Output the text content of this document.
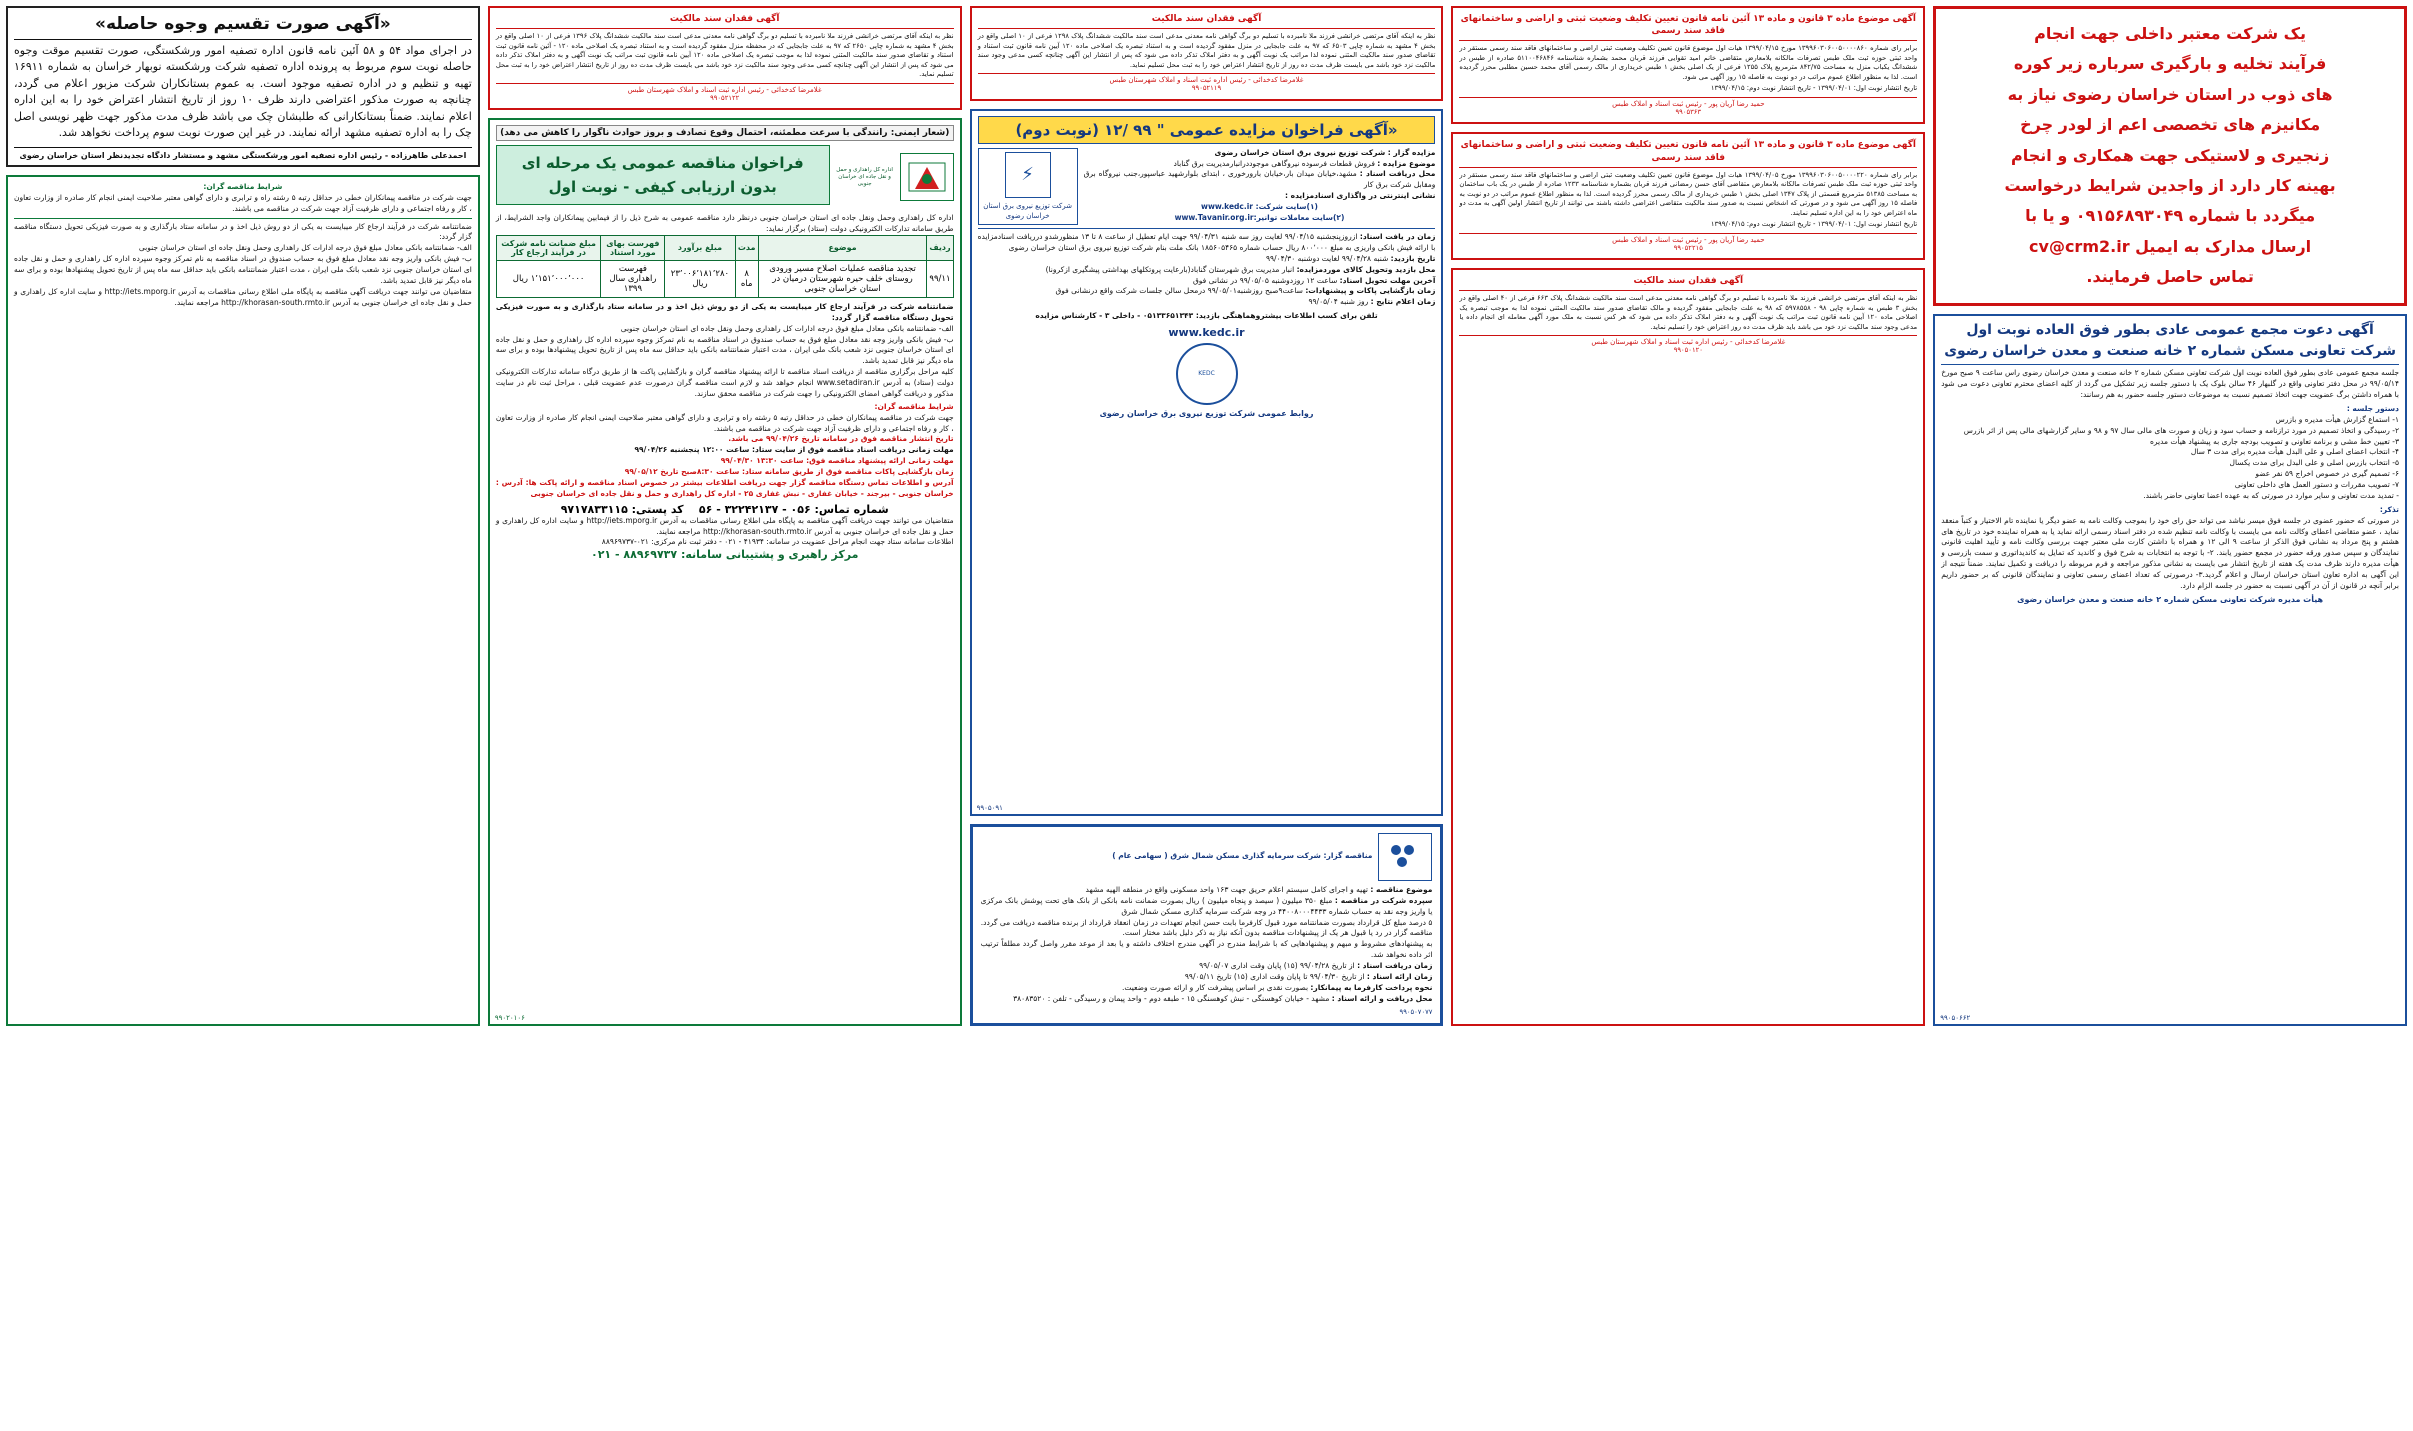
یک شرکت معتبر داخلی جهت انجام
فرآیند تخلیه و بارگیری سرباره زیر کوره
های ذوب در استان خراسان رضوی نیاز به
مکانیزم های تخصصی اعم از لودر چرخ
زنجیری و لاستیکی جهت همکاری و انجام
بهینه کار دارد از واجدین شرایط درخواست
میگردد با شماره ۰۹۱۵۶۸۹۳۰۴۹ و یا با
ارسال مدارک به ایمیل cv@crm2.ir
تماس حاصل فرمایند.
آگهی دعوت مجمع عمومی عادی بطور فوق العاده نوبت اول
شرکت تعاونی مسکن شماره ۲ خانه صنعت و معدن خراسان رضوی
جلسه مجمع عمومی عادی بطور فوق العاده نوبت اول شرکت تعاونی مسکن شماره ۲ خانه صنعت و معدن خراسان رضوی راس ساعت ۹ صبح مورخ ۹۹/۰۵/۱۴ در محل دفتر تعاونی واقع در گلبهار ۴۶ سالن بلوک یک با دستور جلسه زیر تشکیل می گردد از کلیه اعضای محترم تعاونی دعوت می شود با همراه داشتن برگ عضویت جهت اتخاذ تصمیم نسبت به موضوعات دستور جلسه حضور به هم رسانند:
دستور جلسه :
۱- استماع گزارش هیأت مدیره و بازرس
۲- رسیدگی و اتخاذ تصمیم در مورد ترازنامه و حساب سود و زیان و صورت های مالی سال ۹۷ و ۹۸ و سایر گزارشهای مالی پس از اثر بازرس
۳- تعیین خط مشی و برنامه تعاونی و تصویب بودجه جاری به پیشنهاد هیأت مدیره
۴- انتخاب اعضای اصلی و علی البدل هیأت مدیره برای مدت ۳ سال
۵- انتخاب بازرس اصلی و علی البدل برای مدت یکسال
۶- تصمیم گیری در خصوص اخراج ۵۹ نفر عضو
۷- تصویب مقررات و دستور العمل های داخلی تعاونی
- تمدید مدت تعاونی و سایر موارد در صورتی که به عهده اعضا تعاونی حاضر باشند.
تذکر:
در صورتی که حضور عضوی در جلسه فوق میسر نباشد می تواند حق رای خود را بموجب وکالت نامه به عضو دیگر یا نماینده تام الاختیار و کتباً منعقد نماید ، عضو متقاضی اعطای وکالت نامه می بایست با وکالت نامه تنظیم شده در دفتر اسناد رسمی ارائه نماید یا به همراه نماینده خود در تاریخ های هشتم و پنج مرداد به نشانی فوق الذکر از ساعت ۹ الی ۱۲ و همراه با داشتن کارت ملی معتبر جهت بررسی وکالت نامه و تأیید اهلیت قانونی نمایندگان و سپس صدور ورقه حضور در مجمع حضور یابند. ۲- با توجه به انتخابات به شرح فوق و کاندید که تمایل به کاندیداتوری و سمت بازرسی و هیأت مدیره دارند ظرف مدت یک هفته از تاریخ انتشار می بایست به نشانی مذکور مراجعه و فرم مربوطه را دریافت و تکمیل نمایند. ضمناً نتیجه از این آگهی به اداره تعاون استان خراسان ارسال و اعلام گردید.۳- درصورتی که تعداد اعضای رسمی تعاونی و نمایندگان قانونی که بر حضور داریم برابر آنچه در قانون از آن در آگهی نسبت به حضور در جلسه الزام دارد.
هیأت مدیره شرکت تعاونی مسکن شماره ۲ خانه صنعت و معدن خراسان رضوی
۹۹۰۵۰۶۶۲
آگهی موضوع ماده ۳ قانون و ماده ۱۳ آئین نامه قانون تعیین تکلیف وضعیت ثبتی و اراضی و ساختمانهای فاقد سند رسمی
برابر رای شماره ۱۳۹۹۶۰۳۰۶۰۰۵۰۰۰۰۸۶۰ مورخ ۱۳۹۹/۰۴/۱۵ هیات اول موضوع قانون تعیین تکلیف وضعیت ثبتی اراضی و ساختمانهای فاقد سند رسمی مستقر در واحد ثبتی حوزه ثبت ملک طبس تصرفات مالکانه بلامعارض متقاضی خانم امید تقوایی فرزند قربان محمد بشماره شناسنامه ۵۱۱۰۰۴۶۸۴۶ صادره از طبس در ششدانگ یکباب منزل به مساحت ۸۴۲/۷۵ مترمربع پلاک ۱۲۵۵ فرعی از یک اصلی بخش ۱ طبس خریداری از مالک رسمی آقای محمد حسین مطلبی محرز گردیده است. لذا به منظور اطلاع عموم مراتب در دو نوبت به فاصله ۱۵ روز آگهی می شود.
تاریخ انتشار نوبت اول: ۱۳۹۹/۰۴/۰۱ - تاریخ انتشار نوبت دوم: ۱۳۹۹/۰۴/۱۵
حمید رضا آریان پور - رئیس ثبت اسناد و املاک طبس
۹۹۰۵۳۶۳
آگهی موضوع ماده ۳ قانون و ماده ۱۳ آئین نامه قانون تعیین تکلیف وضعیت ثبتی و اراضی و ساختمانهای فاقد سند رسمی
برابر رای شماره ۱۳۹۹۶۰۳۰۶۰۰۵۰۰۰۰۲۲۰ مورخ ۱۳۹۹/۰۴/۰۵ هیات اول موضوع قانون تعیین تکلیف وضعیت ثبتی اراضی و ساختمانهای فاقد سند رسمی مستقر در واحد ثبتی حوزه ثبت ملک طبس تصرفات مالکانه بلامعارض متقاضی آقای حسن رمضانی فرزند قربان بشماره شناسنامه ۱۲۳۳ صادره از طبس در یک باب ساختمان به مساحت ۵۱۳۸۵ مترمربع قسمتی از پلاک ۱۳۴۷ اصلی بخش ۱ طبس خریداری از مالک رسمی محرز گردیده است. لذا به منظور اطلاع عموم مراتب در دو نوبت به فاصله ۱۵ روز آگهی می شود و در صورتی که اشخاص نسبت به صدور سند مالکیت متقاضی اعتراضی داشته باشند می توانند از تاریخ انتشار اولین آگهی به مدت دو ماه اعتراض خود را به این اداره تسلیم نمایند.
تاریخ انتشار نوبت اول: ۱۳۹۹/۰۴/۰۱ - تاریخ انتشار نوبت دوم: ۱۳۹۹/۰۴/۱۵
حمید رضا آریان پور - رئیس ثبت اسناد و املاک طبس
۹۹۰۵۲۲۱۵
آگهی فقدان سند مالکیت
نظر به اینکه آقای مرتضی خرانشی فرزند ملا نامبرده با تسلیم دو برگ گواهی نامه معدنی مدعی است سند مالکیت ششدانگ پلاک ۶۶۳ فرعی از ۴۰ اصلی واقع در بخش ۳ طبس به شماره چاپی ۹۸ - ۵۹۷۸۵۵۸ که ۹۸ به علت جابجایی مفقود گردیده و مالک تقاضای صدور سند مالکیت المثنی نموده لذا به موجب تبصره یک اصلاحی ماده ۱۲۰ آیین نامه قانون ثبت مراتب یک نوبت آگهی و به دفتر املاک تذکر داده می شود که هر کس نسبت به ملک مورد آگهی معامله ای انجام داده یا مدعی وجود سند مالکیت نزد خود می باشد باید ظرف مدت ده روز اعتراض خود را تسلیم نماید.
غلامرضا کدخدائی - رئیس اداره ثبت اسناد و املاک شهرستان طبس
۹۹۰۵۰۱۲۰
آگهی فقدان سند مالکیت
نظر به اینکه آقای مرتضی خرانشی فرزند ملا نامبرده با تسلیم دو برگ گواهی نامه معدنی مدعی است سند مالکیت ششدانگ پلاک ۱۲۹۸ فرعی از ۱۰ اصلی واقع در بخش ۴ مشهد به شماره چاپی ۶۵۰۳ که ۹۷ به علت جابجایی در منزل مفقود گردیده است و به استناد تبصره یک اصلاحی ماده ۱۲۰ آیین نامه قانون ثبت استناد و تقاضای صدور سند مالکیت المثنی نموده لذا مراتب یک نوبت آگهی و به دفتر املاک تذکر داده می شود که پس از انتشار این آگهی چنانچه کسی مدعی وجود سند مالکیت نزد خود باشد می بایست ظرف مدت ده روز از تاریخ انتشار اعتراض خود را به ثبت محل تسلیم نماید.
غلامرضا کدخدائی - رئیس اداره ثبت اسناد و املاک شهرستان طبس
۹۹۰۵۲۱۱۹
«آگهی فراخوان مزایده عمومی " ۹۹ /۱۲ (نوبت دوم)
مزایده گزار : شرکت توزیع نیروی برق استان خراسان رضوی
موضوع مزایده : فروش قطعات فرسوده نیروگاهی موجوددرانبارمدیریت برق گناباد
محل دریافت اسناد : مشهد،خیابان میدان بار،خیابان بارورخوری ، ابتدای بلوارشهید عباسپور،جنب نیروگاه برق ومقابل شرکت برق کار
نشانی اینترنتی در واگذاری اسنادمزایده :
(۱)سایت شرکت: www.kedc.ir
(۲)سایت معاملات توانیر:www.Tavanir.org.ir
⚡
شرکت توزیع نیروی برق استان خراسان رضوی
زمان در یافت اسناد: ازروزپنجشنبه ۹۹/۰۴/۱۵ لغایت روز سه شنبه ۹۹/۰۴/۳۱ جهت ایام تعطیل از ساعت ۸ تا ۱۳ منظورشدو درریافت اسنادمزایده با ارائه فیش بانکی واریزی به مبلغ ۸۰۰٬۰۰۰ ریال حساب شماره ۱۸۵۶۰۵۴۶۵ بانک ملت بنام شرکت توزیع نیروی برق استان خراسان رضوی
تاریخ بازدید: شنبه ۹۹/۰۴/۲۸ لغایت دوشنبه ۹۹/۰۴/۳۰
محل بازدید وتحویل کالای موردمزایده: انبار مدیریت برق شهرستان گناباد(بارعایت پروتکلهای بهداشتی پیشگیری ازکرونا)
آخرین مهلت تحویل اسناد: ساعت ۱۲ روزدوشنبه ۹۹/۰۵/۰۵ در نشانی فوق
زمان بازگشایی پاکات و پیشنهادات: ساعت۹صبح روزشنبه۹۹/۰۵/۰۱ درمحل سالن جلسات شرکت واقع درنشانی فوق
زمان اعلام نتایج : روز شنبه ۹۹/۰۵/۰۴
تلفن برای کسب اطلاعات بیشتروهماهنگی بازدید: ۰۵۱۳۳۶۵۱۳۴۳ - داخلی ۳ - کارشناس مزایده
www.kedc.ir
KEDC
روابط عمومی شرکت توزیع نیروی برق خراسان رضوی
۹۹۰۵۰۹۱
مناقصه گزار: شرکت سرمایه گذاری مسکن شمال شرق ( سهامی عام )
موضوع مناقصه : تهیه و اجرای کامل سیستم اعلام حریق جهت ۱۶۳ واحد مسکونی واقع در منطقه الهیه مشهد
سپرده شرکت در مناقصه : مبلغ ۳۵۰ میلیون ( سیصد و پنجاه میلیون ) ریال بصورت ضمانت نامه بانکی از بانک های تحت پوشش بانک مرکزی یا واریز وجه نقد به حساب شماره ۴۴۰۰۸۰۰۰۴۴۳۳ در وجه شرکت سرمایه گذاری مسکن شمال شرق
۵ درصد مبلغ کل قرارداد بصورت ضمانتنامه مورد قبول کارفرما بابت حسن انجام تعهدات در زمان انعقاد قرارداد از برنده مناقصه دریافت می گردد.
مناقصه گزار در رد یا قبول هر یک از پیشنهادات مناقصه بدون آنکه نیاز به ذکر دلیل باشد مختار است.
به پیشنهادهای مشروط و مبهم و پیشنهادهایی که با شرایط مندرج در آگهی مندرج اختلاف داشته و یا بعد از موعد مقرر واصل گردد مطلقاً ترتیب اثر داده نخواهد شد.
زمان دریافت اسناد : از تاریخ ۹۹/۰۴/۲۸ (۱۵) پایان وقت اداری ۹۹/۰۵/۰۷
زمان ارائه اسناد : از تاریخ ۹۹/۰۴/۳۰ تا پایان وقت اداری (۱۵) تاریخ ۹۹/۰۵/۱۱
نحوه پرداخت کارفرما به پیمانکار: بصورت نقدی بر اساس پیشرفت کار و ارائه صورت وضعیت.
محل دریافت و ارائه اسناد : مشهد - خیابان کوهسنگی - نبش کوهسنگی ۱۵ - طبقه دوم - واحد پیمان و رسیدگی - تلفن : ۳۸۰۸۳۵۲۰
۹۹۰۵۰۷۰۷۷
آگهی فقدان سند مالکیت
نظر به اینکه آقای مرتضی خرانشی فرزند ملا نامبرده با تسلیم دو برگ گواهی نامه معدنی مدعی است سند مالکیت ششدانگ پلاک ۱۳۹۶ فرعی از ۱۰ اصلی واقع در بخش ۴ مشهد به شماره چاپی ۲۶۵۰ که ۹۷ به علت جابجایی که در محفظه منزل مفقود گردیده است و به استناد تبصره یک اصلاحی ماده ۱۲۰ - آئین نامه قانون ثبت استناد و تقاضای صدور سند مالکیت المثنی نموده لذا به موجب تبصره یک اصلاحی ماده ۱۲۰ آیین نامه قانون ثبت مراتب یک نوبت آگهی و به دفتر املاک تذکر داده می شود که پس از انتشار این آگهی چنانچه کسی مدعی وجود سند مالکیت نزد خود باشد می بایست ظرف مدت ده روز از تاریخ انتشار اعتراض خود را به ثبت محل تسلیم نماید.
غلامرضا کدخدائی - رئیس اداره ثبت اسناد و املاک شهرستان طبس
۹۹۰۵۲۱۲۲
(شعار ایمنی: رانندگی با سرعت مطمئنه، احتمال وقوع تصادف و بروز حوادث ناگوار را کاهش می دهد)
اداره کل راهداری و حمل و نقل جاده ای خراسان جنوبی
فراخوان مناقصه عمومی یک مرحله ای
بدون ارزیابی کیفی - نوبت اول
اداره کل راهداری وحمل ونقل جاده ای استان خراسان جنوبی درنظر دارد مناقصه عمومی به شرح ذیل را از فیمابین پیمانکاران واجد الشرایط، از طریق سامانه تدارکات الکترونیکی دولت (ستاد) برگزار نماید:
ردیف	موضوع	مدت	مبلغ برآورد	فهرست بهای مورد استناد	مبلغ ضمانت نامه شرکت در فرآیند ارجاع کار
۹۹/۱۱	تجدید مناقصه عملیات اصلاح مسیر ورودی روستای خلف حیره شهرستان درمیان در استان خراسان جنوبی	۸ ماه	۲۳٬۰۰۶٬۱۸۱٬۲۸۰ ریال	فهرست راهداری سال ۱۳۹۹	۱٬۱۵۱٬۰۰۰٬۰۰۰ ریال
ضمانتنامه شرکت در فرآیند ارجاع کار میبایست به یکی از دو روش ذیل اخذ و در سامانه ستاد بارگذاری و به صورت فیزیکی تحویل دستگاه مناقصه گزار گردد:
الف- ضمانتنامه بانکی معادل مبلغ فوق درجه ادارات کل راهداری وحمل ونقل جاده ای استان خراسان جنوبی
ب- فیش بانکی واریز وجه نقد معادل مبلغ فوق به حساب صندوق در اسناد مناقصه به نام تمرکز وجوه سپرده اداره کل راهداری و حمل و نقل جاده ای استان خراسان جنوبی نزد شعب بانک ملی ایران ، مدت اعتبار ضمانتنامه بانکی باید حداقل سه ماه پس از تاریخ تحویل پیشنهادها بوده و برای سه ماه دیگر نیز قابل تمدید باشد.
کلیه مراحل برگزاری مناقصه از دریافت اسناد مناقصه تا ارائه پیشنهاد مناقصه گران و بازگشایی پاکت ها از طریق درگاه سامانه تدارکات الکترونیکی دولت (ستاد) به آدرس www.setadiran.ir انجام خواهد شد و لازم است مناقصه گران درصورت عدم عضویت قبلی ، مراحل ثبت نام در سایت مذکور و دریافت گواهی امضای الکترونیکی را جهت شرکت در مناقصه محقق سازند.
شرایط مناقصه گران:
جهت شرکت در مناقصه پیمانکاران خطی در حداقل رتبه ۵ رشته راه و ترابری و دارای گواهی معتبر صلاحیت ایمنی انجام کار صادره از وزارت تعاون ، کار و رفاه اجتماعی و دارای ظرفیت آزاد جهت شرکت در مناقصه می باشند.
تاریخ انتشار مناقصه فوق در سامانه تاریخ ۹۹/۰۴/۲۶ می باشد.
مهلت زمانی دریافت اسناد مناقصه فوق از سایت ستاد: ساعت ۱۲:۰۰ پنجشنبه ۹۹/۰۴/۲۶
مهلت زمانی ارائه پیشنهاد مناقصه فوق: ساعت ۱۳:۳۰ ۹۹/۰۴/۳۰
زمان بازگشایی پاکات مناقصه فوق از طریق سامانه ستاد: ساعت ۸:۳۰صبح تاریخ ۹۹/۰۵/۱۲
آدرس و اطلاعات تماس دستگاه مناقصه گزار جهت دریافت اطلاعات بیشتر در خصوص اسناد مناقصه و ارائه پاکت ها: آدرس : خراسان جنوبی - بیرجند - خیابان غفاری - نبش غفاری ۲۵ - اداره کل راهداری و حمل و نقل جاده ای خراسان جنوبی
شماره تماس: ۰۵۶ - ۳۲۲۴۲۱۳۷ - ۵۶    کد پستی: ۹۷۱۷۸۳۳۱۱۵
متقاضیان می توانند جهت دریافت آگهی مناقصه به پایگاه ملی اطلاع رسانی مناقصات به آدرس http://iets.mporg.ir و سایت اداره کل راهداری و حمل و نقل جاده ای خراسان جنوبی به آدرس http://khorasan-south.rmto.ir مراجعه نمایند.
اطلاعات سامانه ستاد جهت انجام مراحل عضویت در سامانه: ۴۱۹۳۴ - ۰۲۱ - دفتر ثبت نام مرکزی: ۰۲۱-۸۸۹۶۹۷۳۷
مرکز راهبری و پشتیبانی سامانه: ۸۸۹۶۹۷۳۷ - ۰۲۱
۹۹۰۲۰۱۰۶
«آگهی صورت تقسیم وجوه حاصله»
در اجرای مواد ۵۴ و ۵۸ آئین نامه قانون اداره تصفیه امور ورشکستگی، صورت تقسیم موقت وجوه حاصله نوبت سوم مربوط به پرونده اداره تصفیه شرکت ورشکسته نوبهار خراسان به شماره ۱۶۹۱۱ تهیه و تنظیم و در اداره تصفیه موجود است. به عموم بستانکاران شرکت مزبور اعلام می گردد، چنانچه به صورت مذکور اعتراضی دارند ظرف ۱۰ روز از تاریخ انتشار اعتراض خود را به این اداره اعلام نمایند. ضمناً بستانکارانی که طلبشان چک می باشد ظرف مدت مذکور جهت ظهر نویسی اصل چک را به اداره تصفیه مشهد ارائه نمایند. در غیر این صورت نوبت سوم پرداخت نخواهد شد.
احمدعلی طاهرزاده - رئیس اداره تصفیه امور ورشکستگی مشهد و مستشار دادگاه تجدیدنظر استان خراسان رضوی
شرایط مناقصه گران:
جهت شرکت در مناقصه پیمانکاران خطی در حداقل رتبه ۵ رشته راه و ترابری و دارای گواهی معتبر صلاحیت ایمنی انجام کار صادره از وزارت تعاون ، کار و رفاه اجتماعی و دارای ظرفیت آزاد جهت شرکت در مناقصه می باشند.
ضمانتنامه شرکت در فرآیند ارجاع کار میبایست به یکی از دو روش ذیل اخذ و در سامانه ستاد بارگذاری و به صورت فیزیکی تحویل دستگاه مناقصه گزار گردد:
الف- ضمانتنامه بانکی معادل مبلغ فوق درجه ادارات کل راهداری وحمل ونقل جاده ای استان خراسان جنوبی
ب- فیش بانکی واریز وجه نقد معادل مبلغ فوق به حساب صندوق در اسناد مناقصه به نام تمرکز وجوه سپرده اداره کل راهداری و حمل و نقل جاده ای استان خراسان جنوبی نزد شعب بانک ملی ایران ، مدت اعتبار ضمانتنامه بانکی باید حداقل سه ماه پس از تاریخ تحویل پیشنهادها بوده و برای سه ماه دیگر نیز قابل تمدید باشد.
متقاضیان می توانند جهت دریافت آگهی مناقصه به پایگاه ملی اطلاع رسانی مناقصات به آدرس http://iets.mporg.ir و سایت اداره کل راهداری و حمل و نقل جاده ای خراسان جنوبی به آدرس http://khorasan-south.rmto.ir مراجعه نمایند.
